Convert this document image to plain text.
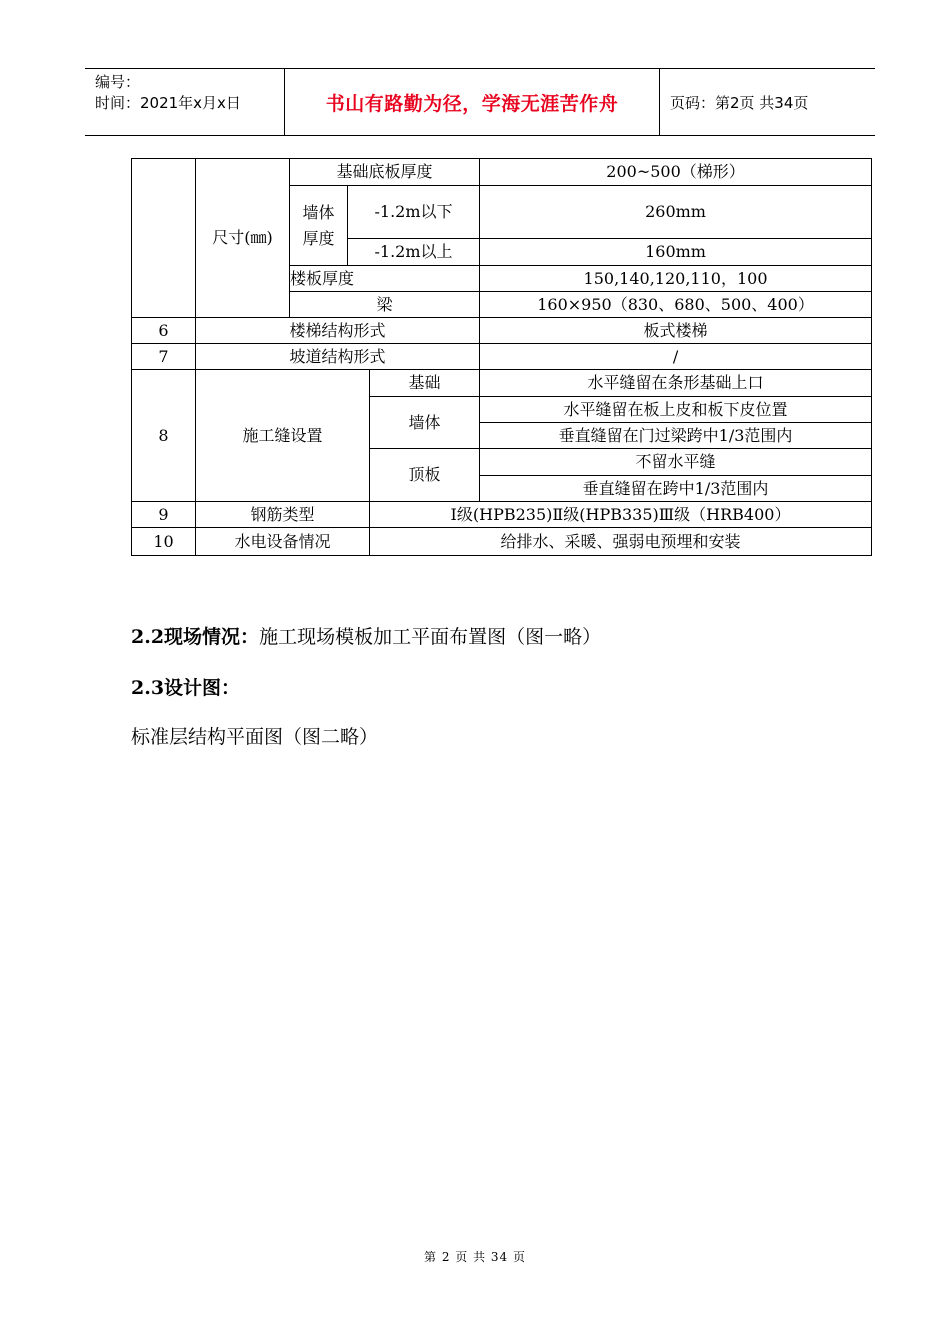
编号：
时间：2021年x月x日	书山有路勤为径，学海无涯苦作舟	页码：第2页 共34页
	尺寸(㎜)	基础底板厚度			200~500（梯形）
		墙体厚度	-1.2m以下		260mm
			-1.2m以上		160mm
		楼板厚度			150,140,120,110，100
		梁			160×950（830、680、500、400）
6	楼梯结构形式				板式楼梯
7	坡道结构形式				/
8	施工缝设置			基础	水平缝留在条形基础上口
				墙体	水平缝留在板上皮和板下皮位置
					垂直缝留在门过梁跨中1/3范围内
				顶板	不留水平缝
					垂直缝留在跨中1/3范围内
9	钢筋类型			Ⅰ级(HPB235)Ⅱ级(HPB335)Ⅲ级（HRB400）	
10	水电设备情况			给排水、采暖、强弱电预埋和安装	
2.2现场情况：施工现场模板加工平面布置图（图一略）
2.3设计图：
标准层结构平面图（图二略）
第 2 页 共 34 页
